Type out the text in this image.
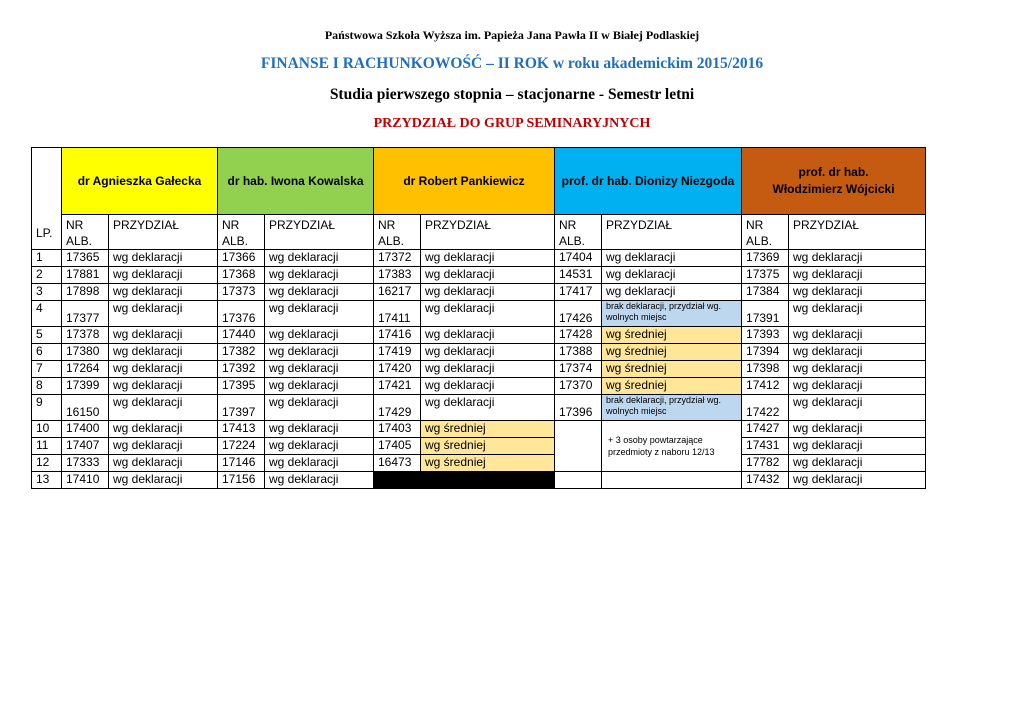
Państwowa Szkoła Wyższa im. Papieża Jana Pawła II w Białej Podlaskiej
FINANSE I RACHUNKOWOŚĆ – II ROK w roku akademickim 2015/2016
Studia pierwszego stopnia – stacjonarne - Semestr letni
PRZYDZIAŁ DO GRUP SEMINARYJNYCH
LP.	dr Agnieszka Gałecka		dr hab. Iwona Kowalska		dr Robert Pankiewicz		prof. dr hab. Dionizy Niezgoda		prof. dr hab.
Włodzimierz Wójcicki	
	NR
ALB.	PRZYDZIAŁ	NR
ALB.	PRZYDZIAŁ	NR
ALB.	PRZYDZIAŁ	NR
ALB.	PRZYDZIAŁ	NR
ALB.	PRZYDZIAŁ
1	17365	wg deklaracji	17366	wg deklaracji	17372	wg deklaracji	17404	wg deklaracji	17369	wg deklaracji
2	17881	wg deklaracji	17368	wg deklaracji	17383	wg deklaracji	14531	wg deklaracji	17375	wg deklaracji
3	17898	wg deklaracji	17373	wg deklaracji	16217	wg deklaracji	17417	wg deklaracji	17384	wg deklaracji
4	17377	wg deklaracji	17376	wg deklaracji	17411	wg deklaracji	17426	brak deklaracji, przydział wg. wolnych miejsc	17391	wg deklaracji
5	17378	wg deklaracji	17440	wg deklaracji	17416	wg deklaracji	17428	wg średniej	17393	wg deklaracji
6	17380	wg deklaracji	17382	wg deklaracji	17419	wg deklaracji	17388	wg średniej	17394	wg deklaracji
7	17264	wg deklaracji	17392	wg deklaracji	17420	wg deklaracji	17374	wg średniej	17398	wg deklaracji
8	17399	wg deklaracji	17395	wg deklaracji	17421	wg deklaracji	17370	wg średniej	17412	wg deklaracji
9	16150	wg deklaracji	17397	wg deklaracji	17429	wg deklaracji	17396	brak deklaracji, przydział wg. wolnych miejsc	17422	wg deklaracji
10	17400	wg deklaracji	17413	wg deklaracji	17403	wg średniej		+ 3 osoby powtarzające przedmioty z naboru 12/13	17427	wg deklaracji
11	17407	wg deklaracji	17224	wg deklaracji	17405	wg średniej			17431	wg deklaracji
12	17333	wg deklaracji	17146	wg deklaracji	16473	wg średniej			17782	wg deklaracji
13	17410	wg deklaracji	17156	wg deklaracji					17432	wg deklaracji
